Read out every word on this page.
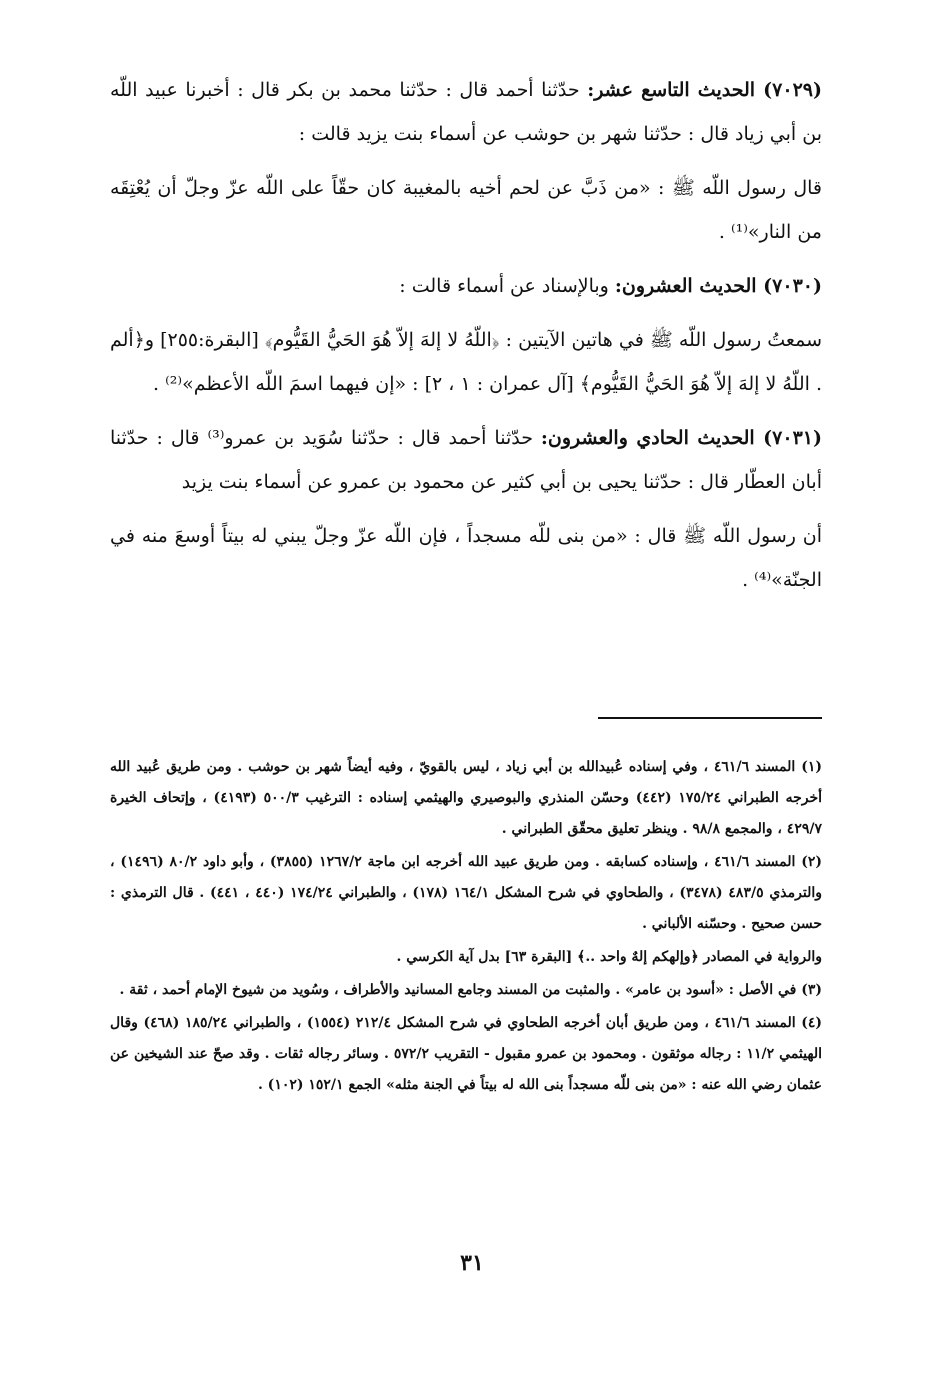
(٧٠٢٩) الحديث التاسع عشر: حدّثنا أحمد قال : حدّثنا محمد بن بكر قال : أخبرنا عبيد اللّه بن أبي زياد قال : حدّثنا شهر بن حوشب عن أسماء بنت يزيد قالت :

قال رسول اللّه ﷺ : «من ذَبَّ عن لحم أخيه بالمغيبة كان حقّاً على اللّه عزّ وجلّ أن يُعْتِقَه من النار»⁽¹⁾ .

(٧٠٣٠) الحديث العشرون: وبالإسناد عن أسماء قالت :

سمعتُ رسول اللّه ﷺ في هاتين الآيتين : ﴿اللّهُ لا إلهَ إلاّ هُوَ الحَيُّ القَيُّوم﴾ [البقرة:٢٥٥] و﴿ألم . اللّهُ لا إلهَ إلاّ هُوَ الحَيُّ القَيُّوم﴾ [آل عمران : ١ ، ٢] : «إن فيهما اسمَ اللّه الأعظم»⁽²⁾ .

(٧٠٣١) الحديث الحادي والعشرون: حدّثنا أحمد قال : حدّثنا سُوَيد بن عمرو⁽³⁾ قال : حدّثنا أبان العطّار قال : حدّثنا يحيى بن أبي كثير عن محمود بن عمرو عن أسماء بنت يزيد

أن رسول اللّه ﷺ قال : «من بنى للّه مسجداً ، فإن اللّه عزّ وجلّ يبني له بيتاً أوسعَ منه في الجنّة»⁽⁴⁾ .

(١) المسند ٤٦١/٦ ، وفي إسناده عُبيدالله بن أبي زياد ، ليس بالقويّ ، وفيه أيضاً شهر بن حوشب . ومن طريق عُبيد الله أخرجه الطبراني ١٧٥/٢٤ (٤٤٢) وحسّن المنذري والبوصيري والهيثمي إسناده : الترغيب ٥٠٠/٣ (٤١٩٣) ، وإتحاف الخيرة ٤٢٩/٧ ، والمجمع ٩٨/٨ . وينظر تعليق محقّق الطبراني .

(٢) المسند ٤٦١/٦ ، وإسناده كسابقه . ومن طريق عبيد الله أخرجه ابن ماجة ١٢٦٧/٢ (٣٨٥٥) ، وأبو داود ٨٠/٢ (١٤٩٦) ، والترمذي ٤٨٣/٥ (٣٤٧٨) ، والطحاوي في شرح المشكل ١٦٤/١ (١٧٨) ، والطبراني ١٧٤/٢٤ (٤٤٠ ، ٤٤١) . قال الترمذي : حسن صحيح . وحسّنه الألباني .

والرواية في المصادر ﴿وإلهكم إلهٌ واحد ..﴾ [البقرة ٦٣] بدل آية الكرسي .

(٣) في الأصل : «أسود بن عامر» . والمثبت من المسند وجامع المسانيد والأطراف ، وسُويد من شيوخ الإمام أحمد ، ثقة .

(٤) المسند ٤٦١/٦ ، ومن طريق أبان أخرجه الطحاوي في شرح المشكل ٢١٢/٤ (١٥٥٤) ، والطبراني ١٨٥/٢٤ (٤٦٨) وقال الهيثمي ١١/٢ : رجاله موثقون . ومحمود بن عمرو مقبول - التقريب ٥٧٢/٢ . وسائر رجاله ثقات . وقد صحّ عند الشيخين عن عثمان رضي الله عنه : «من بنى للّه مسجداً بنى الله له بيتاً في الجنة مثله» الجمع ١٥٢/١ (١٠٢) .

٣١
